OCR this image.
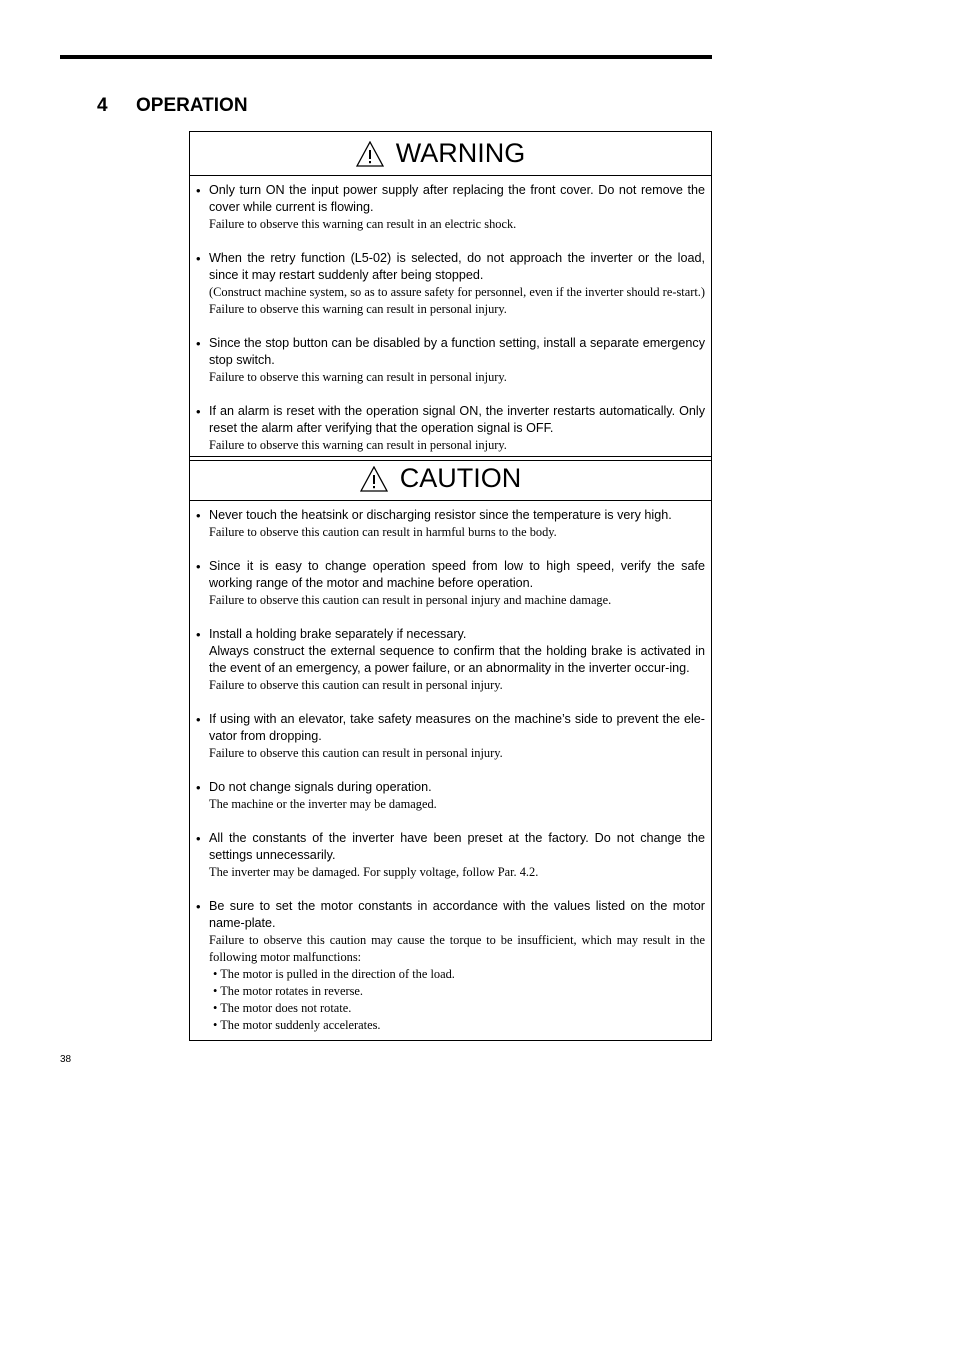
4 OPERATION
WARNING
• Only turn ON the input power supply after replacing the front cover. Do not remove the cover while current is flowing.
Failure to observe this warning can result in an electric shock.
• When the retry function (L5-02) is selected, do not approach the inverter or the load, since it may restart suddenly after being stopped.
(Construct machine system, so as to assure safety for personnel, even if the inverter should re-start.) Failure to observe this warning can result in personal injury.
• Since the stop button can be disabled by a function setting, install a separate emergency stop switch.
Failure to observe this warning can result in personal injury.
• If an alarm is reset with the operation signal ON, the inverter restarts automatically. Only reset the alarm after verifying that the operation signal is OFF.
Failure to observe this warning can result in personal injury.
CAUTION
• Never touch the heatsink or discharging resistor since the temperature is very high.
Failure to observe this caution can result in harmful burns to the body.
• Since it is easy to change operation speed from low to high speed, verify the safe working range of the motor and machine before operation.
Failure to observe this caution can result in personal injury and machine damage.
• Install a holding brake separately if necessary.
Always construct the external sequence to confirm that the holding brake is activated in the event of an emergency, a power failure, or an abnormality in the inverter occur-ing.
Failure to observe this caution can result in personal injury.
• If using with an elevator, take safety measures on the machine’s side to prevent the ele-vator from dropping.
Failure to observe this caution can result in personal injury.
• Do not change signals during operation.
The machine or the inverter may be damaged.
• All the constants of the inverter have been preset at the factory. Do not change the settings unnecessarily.
The inverter may be damaged. For supply voltage, follow Par. 4.2.
• Be sure to set the motor constants in accordance with the values listed on the motor name-plate.
Failure to observe this caution may cause the torque to be insufficient, which may result in the following motor malfunctions:
• The motor is pulled in the direction of the load.
• The motor rotates in reverse.
• The motor does not rotate.
• The motor suddenly accelerates.
38
